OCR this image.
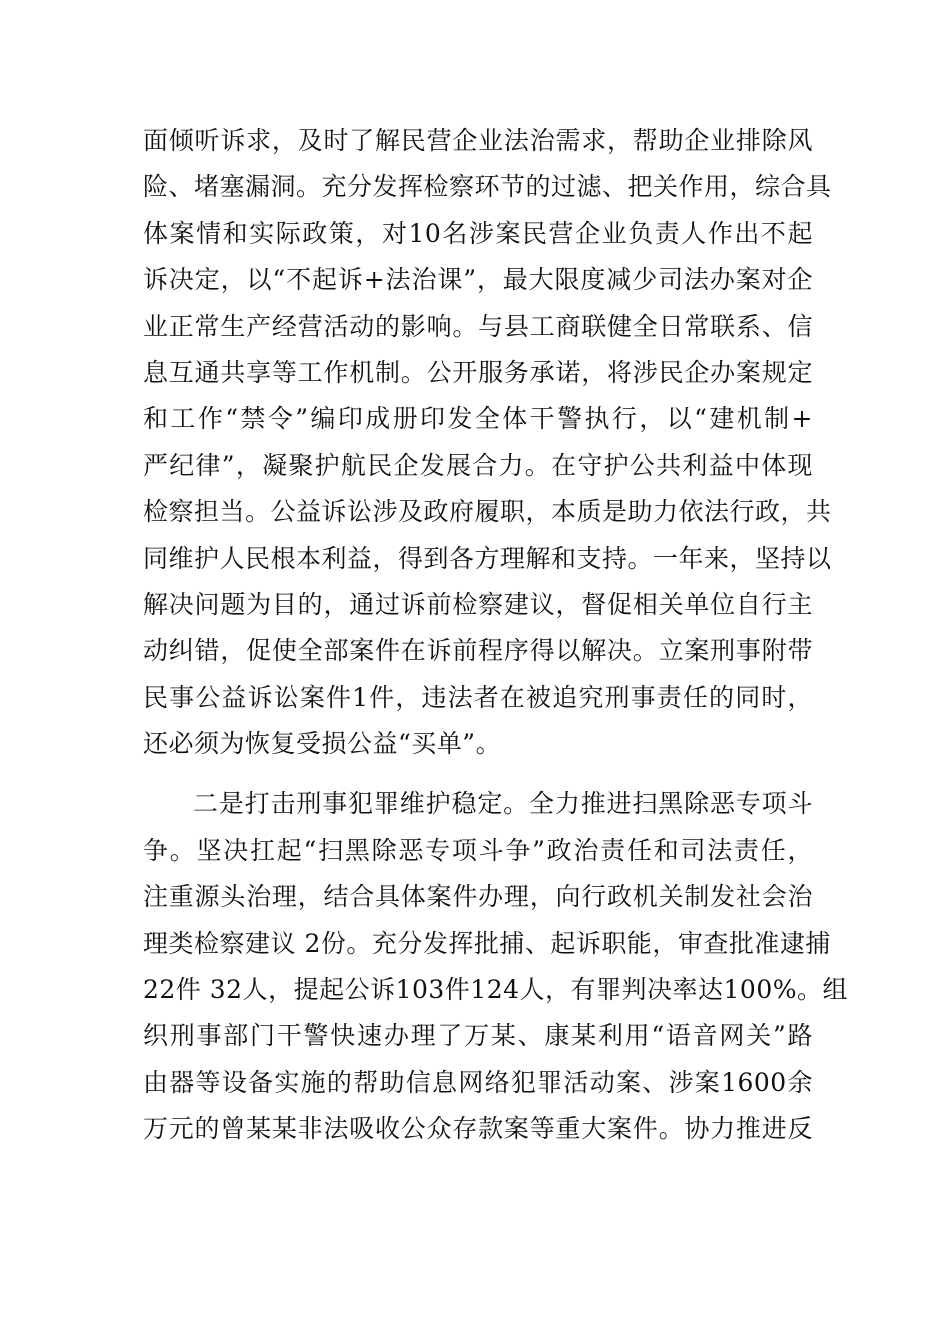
面倾听诉求，及时了解民营企业法治需求，帮助企业排除风
险、堵塞漏洞。充分发挥检察环节的过滤、把关作用，综合具
体案情和实际政策，对10名涉案民营企业负责人作出不起
诉决定，以“不起诉+法治课”，最大限度减少司法办案对企
业正常生产经营活动的影响。与县工商联健全日常联系、信
息互通共享等工作机制。公开服务承诺，将涉民企办案规定
和工作“禁令”编印成册印发全体干警执行，以“建机制+
严纪律”，凝聚护航民企发展合力。在守护公共利益中体现
检察担当。公益诉讼涉及政府履职，本质是助力依法行政，共
同维护人民根本利益，得到各方理解和支持。一年来，坚持以
解决问题为目的，通过诉前检察建议，督促相关单位自行主
动纠错，促使全部案件在诉前程序得以解决。立案刑事附带
民事公益诉讼案件1件，违法者在被追究刑事责任的同时，
还必须为恢复受损公益“买单”。
二是打击刑事犯罪维护稳定。全力推进扫黑除恶专项斗
争。坚决扛起“扫黑除恶专项斗争”政治责任和司法责任，
注重源头治理，结合具体案件办理，向行政机关制发社会治
理类检察建议 2份。充分发挥批捕、起诉职能，审查批准逮捕
22件 32人，提起公诉103件124人，有罪判决率达100%。组
织刑事部门干警快速办理了万某、康某利用“语音网关”路
由器等设备实施的帮助信息网络犯罪活动案、涉案1600余
万元的曾某某非法吸收公众存款案等重大案件。协力推进反
